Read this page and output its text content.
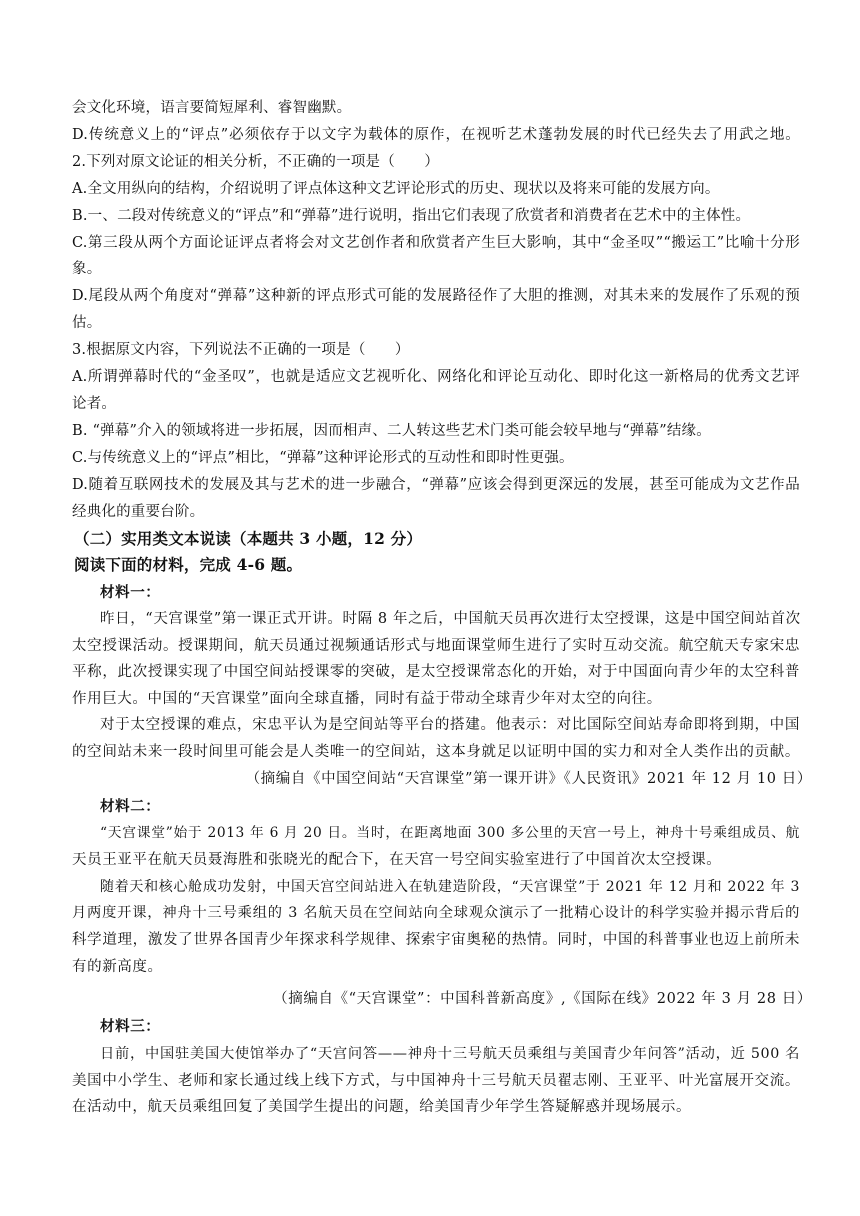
会文化环境，语言要简短犀利、睿智幽默。
D.传统意义上的“评点”必须依存于以文字为载体的原作，在视听艺术蓬勃发展的时代已经失去了用武之地。
2.下列对原文论证的相关分析，不正确的一项是（　　）
A.全文用纵向的结构，介绍说明了评点体这种文艺评论形式的历史、现状以及将来可能的发展方向。
B.一、二段对传统意义的“评点”和“弹幕”进行说明，指出它们表现了欣赏者和消费者在艺术中的主体性。
C.第三段从两个方面论证评点者将会对文艺创作者和欣赏者产生巨大影响，其中“金圣叹”“搬运工”比喻十分形
象。
D.尾段从两个角度对“弹幕”这种新的评点形式可能的发展路径作了大胆的推测，对其未来的发展作了乐观的预
估。
3.根据原文内容，下列说法不正确的一项是（　　）
A.所谓弹幕时代的“金圣叹”，也就是适应文艺视听化、网络化和评论互动化、即时化这一新格局的优秀文艺评
论者。
B. “弹幕”介入的领域将进一步拓展，因而相声、二人转这些艺术门类可能会较早地与“弹幕”结缘。
C.与传统意义上的“评点”相比，“弹幕”这种评论形式的互动性和即时性更强。
D.随着互联网技术的发展及其与艺术的进一步融合，“弹幕”应该会得到更深远的发展，甚至可能成为文艺作品
经典化的重要台阶。
（二）实用类文本说读（本题共 3 小题，12 分）
阅读下面的材料，完成 4-6 题。
材料一：
昨日，“天宫课堂”第一课正式开讲。时隔 8 年之后，中国航天员再次进行太空授课，这是中国空间站首次
太空授课活动。授课期间，航天员通过视频通话形式与地面课堂师生进行了实时互动交流。航空航天专家宋忠
平称，此次授课实现了中国空间站授课零的突破，是太空授课常态化的开始，对于中国面向青少年的太空科普
作用巨大。中国的“天宫课堂”面向全球直播，同时有益于带动全球青少年对太空的向往。
对于太空授课的难点，宋忠平认为是空间站等平台的搭建。他表示：对比国际空间站寿命即将到期，中国
的空间站未来一段时间里可能会是人类唯一的空间站，这本身就足以证明中国的实力和对全人类作出的贡献。
（摘编自《中国空间站“天宫课堂”第一课开讲》《人民资讯》2021 年 12 月 10 日）
材料二：
“天宫课堂”始于 2013 年 6 月 20 日。当时，在距离地面 300 多公里的天宫一号上，神舟十号乘组成员、航
天员王亚平在航天员聂海胜和张晓光的配合下，在天宫一号空间实验室进行了中国首次太空授课。
随着天和核心舱成功发射，中国天宫空间站进入在轨建造阶段，“天宫课堂”于 2021 年 12 月和 2022 年 3
月两度开课，神舟十三号乘组的 3 名航天员在空间站向全球观众演示了一批精心设计的科学实验并揭示背后的
科学道理，激发了世界各国青少年探求科学规律、探索宇宙奥秘的热情。同时，中国的科普事业也迈上前所未
有的新高度。
（摘编自《“天宫课堂”：中国科普新高度》,《国际在线》2022 年 3 月 28 日）
材料三：
日前，中国驻美国大使馆举办了“天宫问答——神舟十三号航天员乘组与美国青少年问答”活动，近 500 名
美国中小学生、老师和家长通过线上线下方式，与中国神舟十三号航天员翟志刚、王亚平、叶光富展开交流。
在活动中，航天员乘组回复了美国学生提出的问题，给美国青少年学生答疑解惑并现场展示。
